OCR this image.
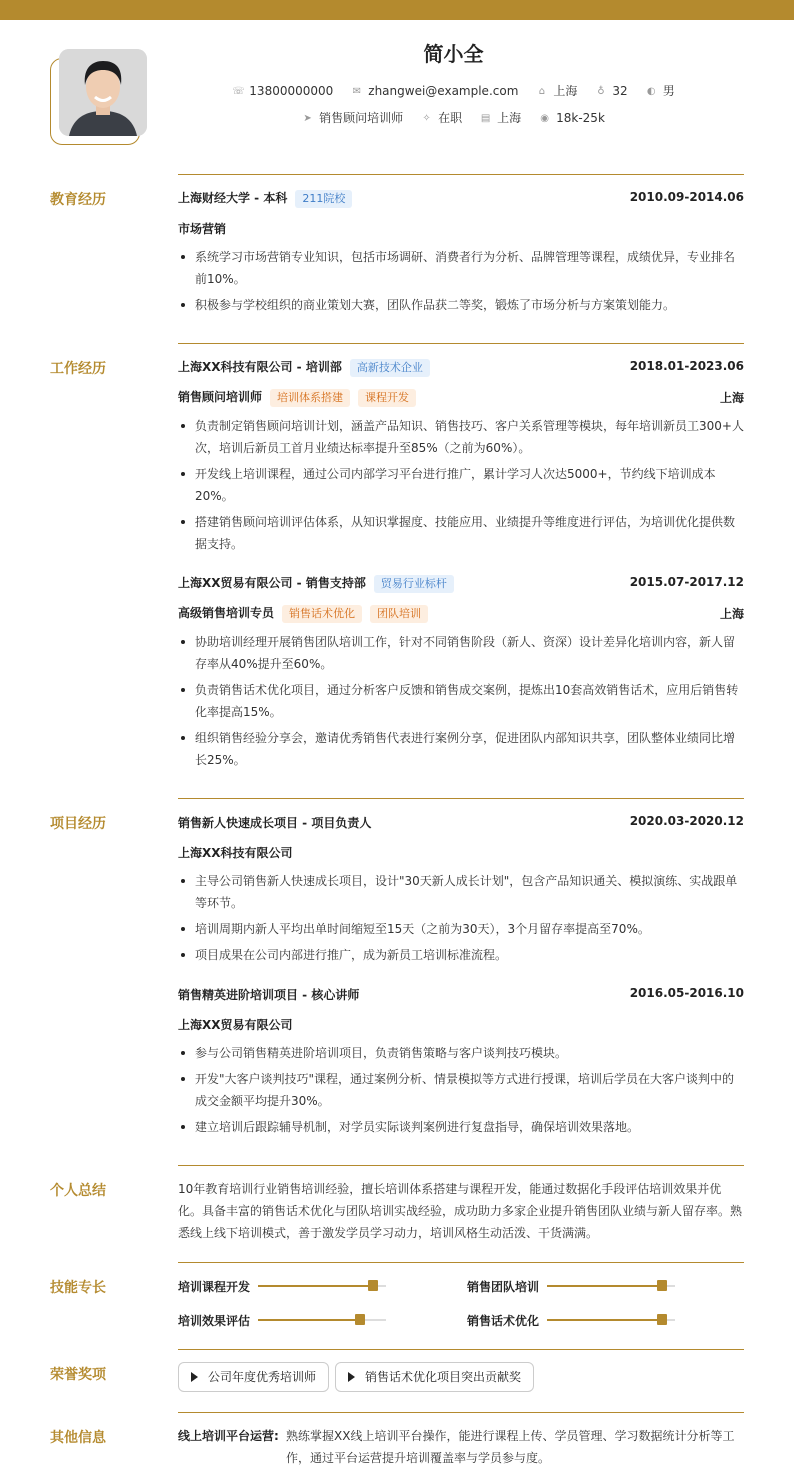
简小全
☏ 13800000000 ✉ zhangwei@example.com ⌂ 上海 ♁ 32 ◐ 男
➤ 销售顾问培训师 ✧ 在职 ▤ 上海 ◉ 18k-25k
教育经历	上海财经大学 - 本科 211院校	2010.09-2014.06
市场营销
系统学习市场营销专业知识，包括市场调研、消费者行为分析、品牌管理等课程，成绩优异，专业排名前10%。
积极参与学校组织的商业策划大赛，团队作品获二等奖，锻炼了市场分析与方案策划能力。
工作经历	上海XX科技有限公司 - 培训部 高新技术企业	2018.01-2023.06
销售顾问培训师 培训体系搭建 课程开发	上海
负责制定销售顾问培训计划，涵盖产品知识、销售技巧、客户关系管理等模块，每年培训新员工300+人次，培训后新员工首月业绩达标率提升至85%（之前为60%）。
开发线上培训课程，通过公司内部学习平台进行推广，累计学习人次达5000+，节约线下培训成本20%。
搭建销售顾问培训评估体系，从知识掌握度、技能应用、业绩提升等维度进行评估，为培训优化提供数据支持。
上海XX贸易有限公司 - 销售支持部 贸易行业标杆	2015.07-2017.12
高级销售培训专员 销售话术优化 团队培训	上海
协助培训经理开展销售团队培训工作，针对不同销售阶段（新人、资深）设计差异化培训内容，新人留存率从40%提升至60%。
负责销售话术优化项目，通过分析客户反馈和销售成交案例，提炼出10套高效销售话术，应用后销售转化率提高15%。
组织销售经验分享会，邀请优秀销售代表进行案例分享，促进团队内部知识共享，团队整体业绩同比增长25%。
项目经历	销售新人快速成长项目 - 项目负责人	2020.03-2020.12
上海XX科技有限公司
主导公司销售新人快速成长项目，设计"30天新人成长计划"，包含产品知识通关、模拟演练、实战跟单等环节。
培训周期内新人平均出单时间缩短至15天（之前为30天），3个月留存率提高至70%。
项目成果在公司内部进行推广，成为新员工培训标准流程。
销售精英进阶培训项目 - 核心讲师	2016.05-2016.10
上海XX贸易有限公司
参与公司销售精英进阶培训项目，负责销售策略与客户谈判技巧模块。
开发"大客户谈判技巧"课程，通过案例分析、情景模拟等方式进行授课，培训后学员在大客户谈判中的成交金额平均提升30%。
建立培训后跟踪辅导机制，对学员实际谈判案例进行复盘指导，确保培训效果落地。
个人总结	10年教育培训行业销售培训经验，擅长培训体系搭建与课程开发，能通过数据化手段评估培训效果并优化。具备丰富的销售话术优化与团队培训实战经验，成功助力多家企业提升销售团队业绩与新人留存率。熟悉线上线下培训模式，善于激发学员学习动力，培训风格生动活泼、干货满满。
技能专长	培训课程开发	销售团队培训
培训效果评估	销售话术优化
荣誉奖项	公司年度优秀培训师	销售话术优化项目突出贡献奖
其他信息	线上培训平台运营: 熟练掌握XX线上培训平台操作，能进行课程上传、学员管理、学习数据统计分析等工作，通过平台运营提升培训覆盖率与学员参与度。
